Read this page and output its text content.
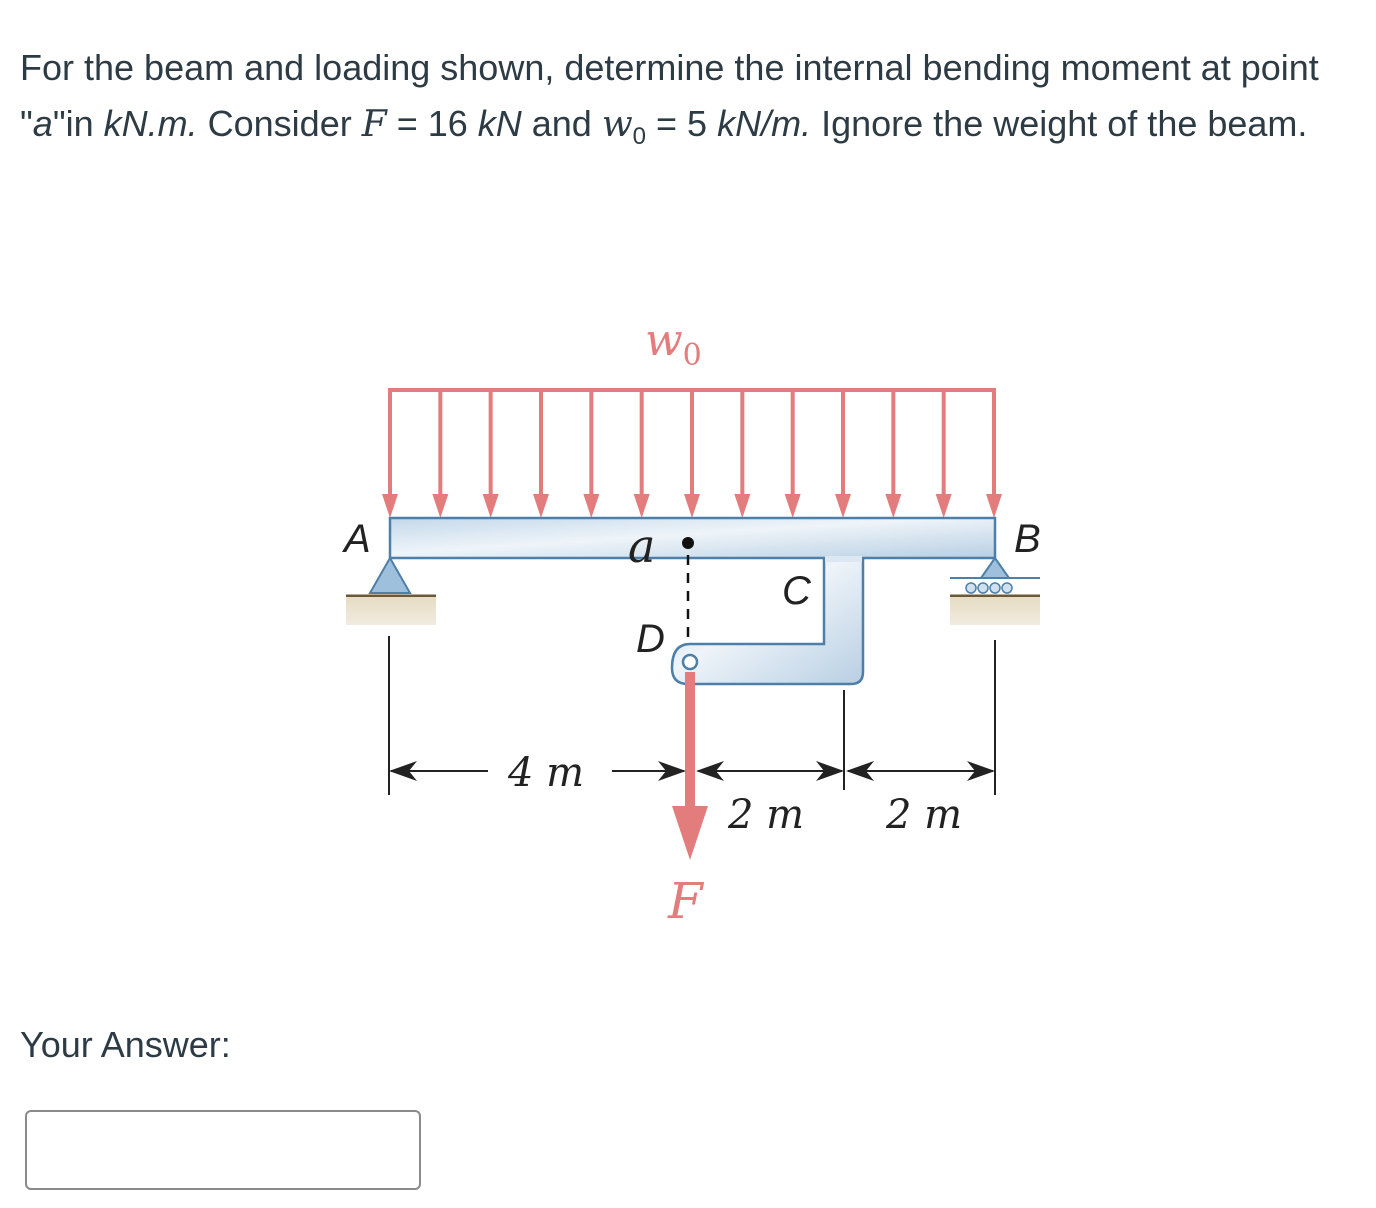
For the beam and loading shown, determine the internal bending moment at point "a"in kN.m. Consider F = 16 kN and $w_0 = 5$ kN/m. Ignore the weight of the beam.
$w_0$
A	B
a
C
D
F
4 m
2 m 2 m
Your Answer:
